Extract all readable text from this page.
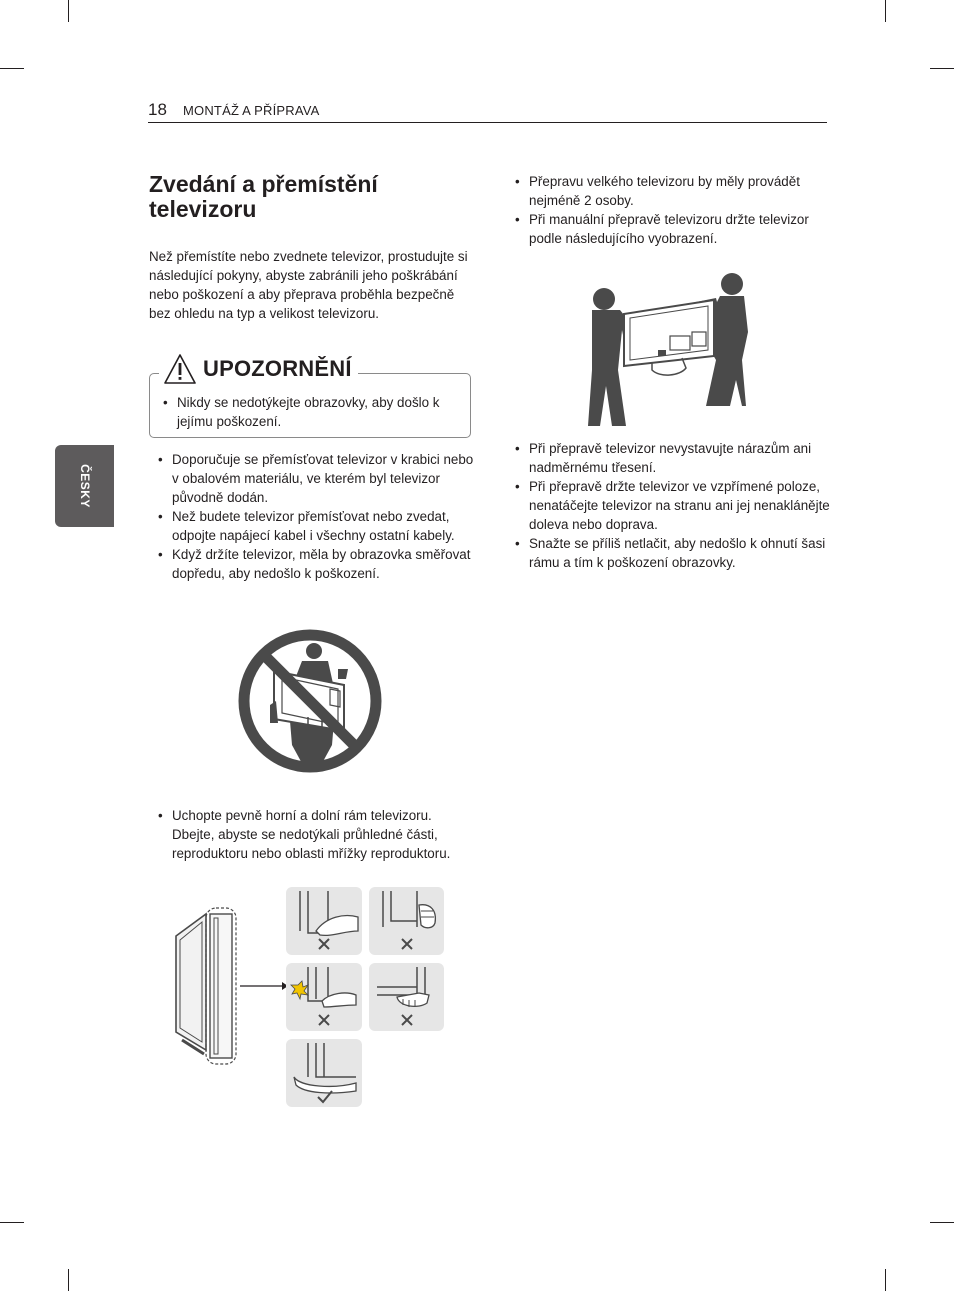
18 MONTÁŽ A PŘÍPRAVA
ČESKY
Zvedání a přemístění televizoru

Než přemístíte nebo zvednete televizor, prostudujte si následující pokyny, abyste zabránili jeho poškrábání nebo poškození a aby přeprava proběhla bezpečně bez ohledu na typ a velikost televizoru.

UPOZORNĚNÍ
• Nikdy se nedotýkejte obrazovky, aby došlo k jejímu poškození.
• Doporučuje se přemísťovat televizor v krabici nebo v obalovém materiálu, ve kterém byl televizor původně dodán.
• Než budete televizor přemísťovat nebo zvedat, odpojte napájecí kabel i všechny ostatní kabely.
• Když držíte televizor, měla by obrazovka směřovat dopředu, aby nedošlo k poškození.
• Uchopte pevně horní a dolní rám televizoru. Dbejte, abyste se nedotýkali průhledné části, reproduktoru nebo oblasti mřížky reproduktoru.
• Přepravu velkého televizoru by měly provádět nejméně 2 osoby.
• Při manuální přepravě televizoru držte televizor podle následujícího vyobrazení.
• Při přepravě televizor nevystavujte nárazům ani nadměrnému třesení.
• Při přepravě držte televizor ve vzpřímené poloze, nenatáčejte televizor na stranu ani jej nenaklánějte doleva nebo doprava.
• Snažte se příliš netlačit, aby nedošlo k ohnutí šasi rámu a tím k poškození obrazovky.
